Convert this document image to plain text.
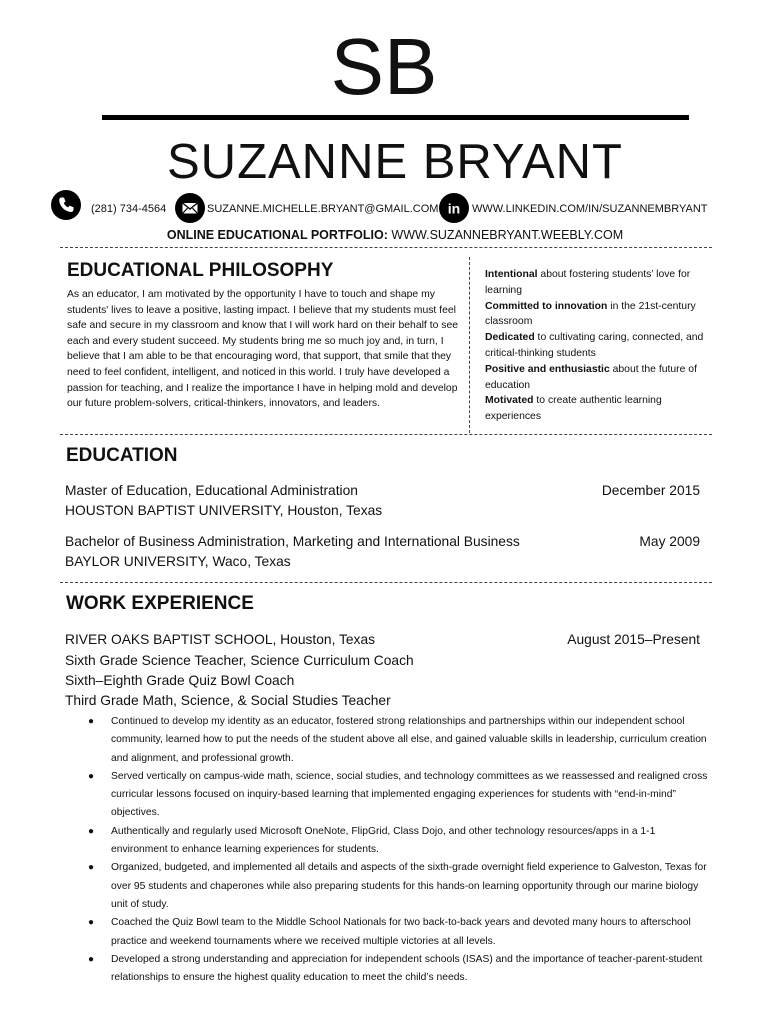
SB
SUZANNE BRYANT
(281) 734-4564	SUZANNE.MICHELLE.BRYANT@GMAIL.COM in WWW.LINKEDIN.COM/IN/SUZANNEMBRYANT
ONLINE EDUCATIONAL PORTFOLIO: WWW.SUZANNEBRYANT.WEEBLY.COM
EDUCATIONAL PHILOSOPHY
As an educator, I am motivated by the opportunity I have to touch and shape my students' lives to leave a positive, lasting impact. I believe that my students must feel safe and secure in my classroom and know that I will work hard on their behalf to see each and every student succeed. My students bring me so much joy and, in turn, I believe that I am able to be that encouraging word, that support, that smile that they need to feel confident, intelligent, and noticed in this world. I truly have developed a passion for teaching, and I realize the importance I have in helping mold and develop our future problem-solvers, critical-thinkers, innovators, and leaders.
Intentional about fostering students’ love for learning
Committed to innovation in the 21st-century classroom
Dedicated to cultivating caring, connected, and critical-thinking students
Positive and enthusiastic about the future of education
Motivated to create authentic learning experiences
EDUCATION
Master of Education, Educational Administration	December 2015
HOUSTON BAPTIST UNIVERSITY, Houston, Texas
Bachelor of Business Administration, Marketing and International Business	May 2009
BAYLOR UNIVERSITY, Waco, Texas
WORK EXPERIENCE
RIVER OAKS BAPTIST SCHOOL, Houston, Texas	August 2015–Present
Sixth Grade Science Teacher, Science Curriculum Coach
Sixth–Eighth Grade Quiz Bowl Coach
Third Grade Math, Science, & Social Studies Teacher
● Continued to develop my identity as an educator, fostered strong relationships and partnerships within our independent school community, learned how to put the needs of the student above all else, and gained valuable skills in leadership, curriculum creation and alignment, and professional growth.
● Served vertically on campus-wide math, science, social studies, and technology committees as we reassessed and realigned cross curricular lessons focused on inquiry-based learning that implemented engaging experiences for students with “end-in-mind” objectives.
● Authentically and regularly used Microsoft OneNote, FlipGrid, Class Dojo, and other technology resources/apps in a 1-1 environment to enhance learning experiences for students.
● Organized, budgeted, and implemented all details and aspects of the sixth-grade overnight field experience to Galveston, Texas for over 95 students and chaperones while also preparing students for this hands-on learning opportunity through our marine biology unit of study.
● Coached the Quiz Bowl team to the Middle School Nationals for two back-to-back years and devoted many hours to afterschool practice and weekend tournaments where we received multiple victories at all levels.
● Developed a strong understanding and appreciation for independent schools (ISAS) and the importance of teacher-parent-student relationships to ensure the highest quality education to meet the child’s needs.
